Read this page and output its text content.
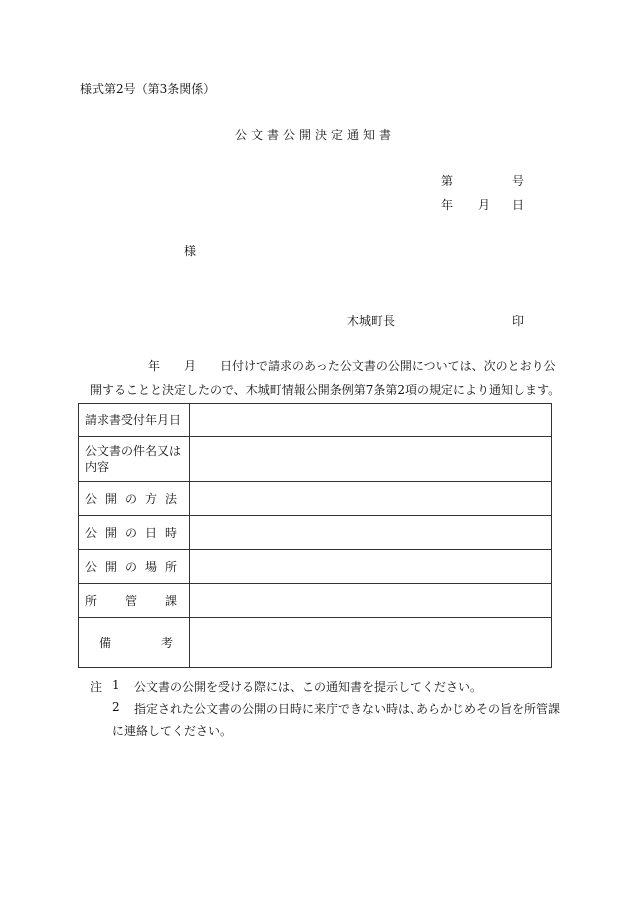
様式第2号（第3条関係）
公文書公開決定通知書
第	号
年 月 日
様
木城町長	印
年 月 日付けで請求のあった公文書の公開については、次のとおり公
開することと決定したので、木城町情報公開条例第7条第2項の規定により通知します。
請求書受付年月日	

公文書の件名又は
内容	

公 開 の 方 法	

公 開 の 日 時	

公 開 の 場 所	

所 管 課	

備 考	

注 1 公文書の公開を受ける際には、この通知書を提示してください。
2 指定された公文書の公開の日時に来庁できない時は､あらかじめその旨を所管課
に連絡してください。
